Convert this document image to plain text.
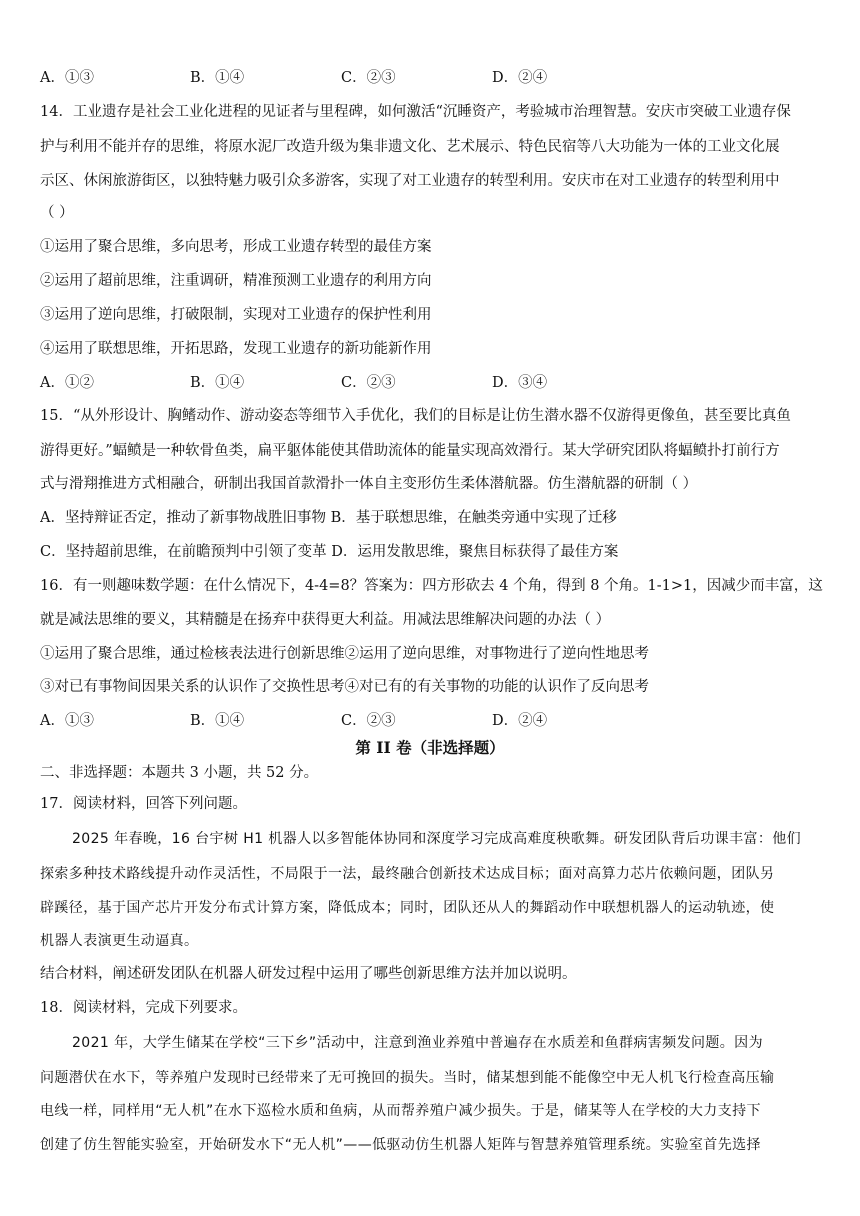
A．①③	B．①④	C．②③	D．②④
14．工业遗存是社会工业化进程的见证者与里程碑，如何激活“沉睡资产，考验城市治理智慧。安庆市突破工业遗存保
护与利用不能并存的思维，将原水泥厂改造升级为集非遗文化、艺术展示、特色民宿等八大功能为一体的工业文化展
示区、休闲旅游街区，以独特魅力吸引众多游客，实现了对工业遗存的转型利用。安庆市在对工业遗存的转型利用中
（ ）
①运用了聚合思维，多向思考，形成工业遗存转型的最佳方案
②运用了超前思维，注重调研，精准预测工业遗存的利用方向
③运用了逆向思维，打破限制，实现对工业遗存的保护性利用
④运用了联想思维，开拓思路，发现工业遗存的新功能新作用
A．①②	B．①④	C．②③	D．③④
15．“从外形设计、胸鳍动作、游动姿态等细节入手优化，我们的目标是让仿生潜水器不仅游得更像鱼，甚至要比真鱼
游得更好。”蝠鲼是一种软骨鱼类，扁平躯体能使其借助流体的能量实现高效滑行。某大学研究团队将蝠鲼扑打前行方
式与滑翔推进方式相融合，研制出我国首款滑扑一体自主变形仿生柔体潜航器。仿生潜航器的研制（ ）
A．坚持辩证否定，推动了新事物战胜旧事物 B．基于联想思维，在触类旁通中实现了迁移
C．坚持超前思维，在前瞻预判中引领了变革 D．运用发散思维，聚焦目标获得了最佳方案
16．有一则趣味数学题：在什么情况下，4-4=8？答案为：四方形砍去 4 个角，得到 8 个角。1-1>1，因减少而丰富，这
就是减法思维的要义，其精髓是在扬弃中获得更大利益。用减法思维解决问题的办法（ ）
①运用了聚合思维，通过检核表法进行创新思维②运用了逆向思维，对事物进行了逆向性地思考
③对已有事物间因果关系的认识作了交换性思考④对已有的有关事物的功能的认识作了反向思考
A．①③	B．①④	C．②③	D．②④
第 II 卷（非选择题）
二、非选择题：本题共 3 小题，共 52 分。
17．阅读材料，回答下列问题。
2025 年春晚，16 台宇树 H1 机器人以多智能体协同和深度学习完成高难度秧歌舞。研发团队背后功课丰富：他们
探索多种技术路线提升动作灵活性，不局限于一法，最终融合创新技术达成目标；面对高算力芯片依赖问题，团队另
辟蹊径，基于国产芯片开发分布式计算方案，降低成本；同时，团队还从人的舞蹈动作中联想机器人的运动轨迹，使
机器人表演更生动逼真。
结合材料，阐述研发团队在机器人研发过程中运用了哪些创新思维方法并加以说明。
18．阅读材料，完成下列要求。
2021 年，大学生储某在学校“三下乡”活动中，注意到渔业养殖中普遍存在水质差和鱼群病害频发问题。因为
问题潜伏在水下，等养殖户发现时已经带来了无可挽回的损失。当时，储某想到能不能像空中无人机飞行检查高压输
电线一样，同样用“无人机”在水下巡检水质和鱼病，从而帮养殖户减少损失。于是，储某等人在学校的大力支持下
创建了仿生智能实验室，开始研发水下“无人机”——低驱动仿生机器人矩阵与智慧养殖管理系统。实验室首先选择
